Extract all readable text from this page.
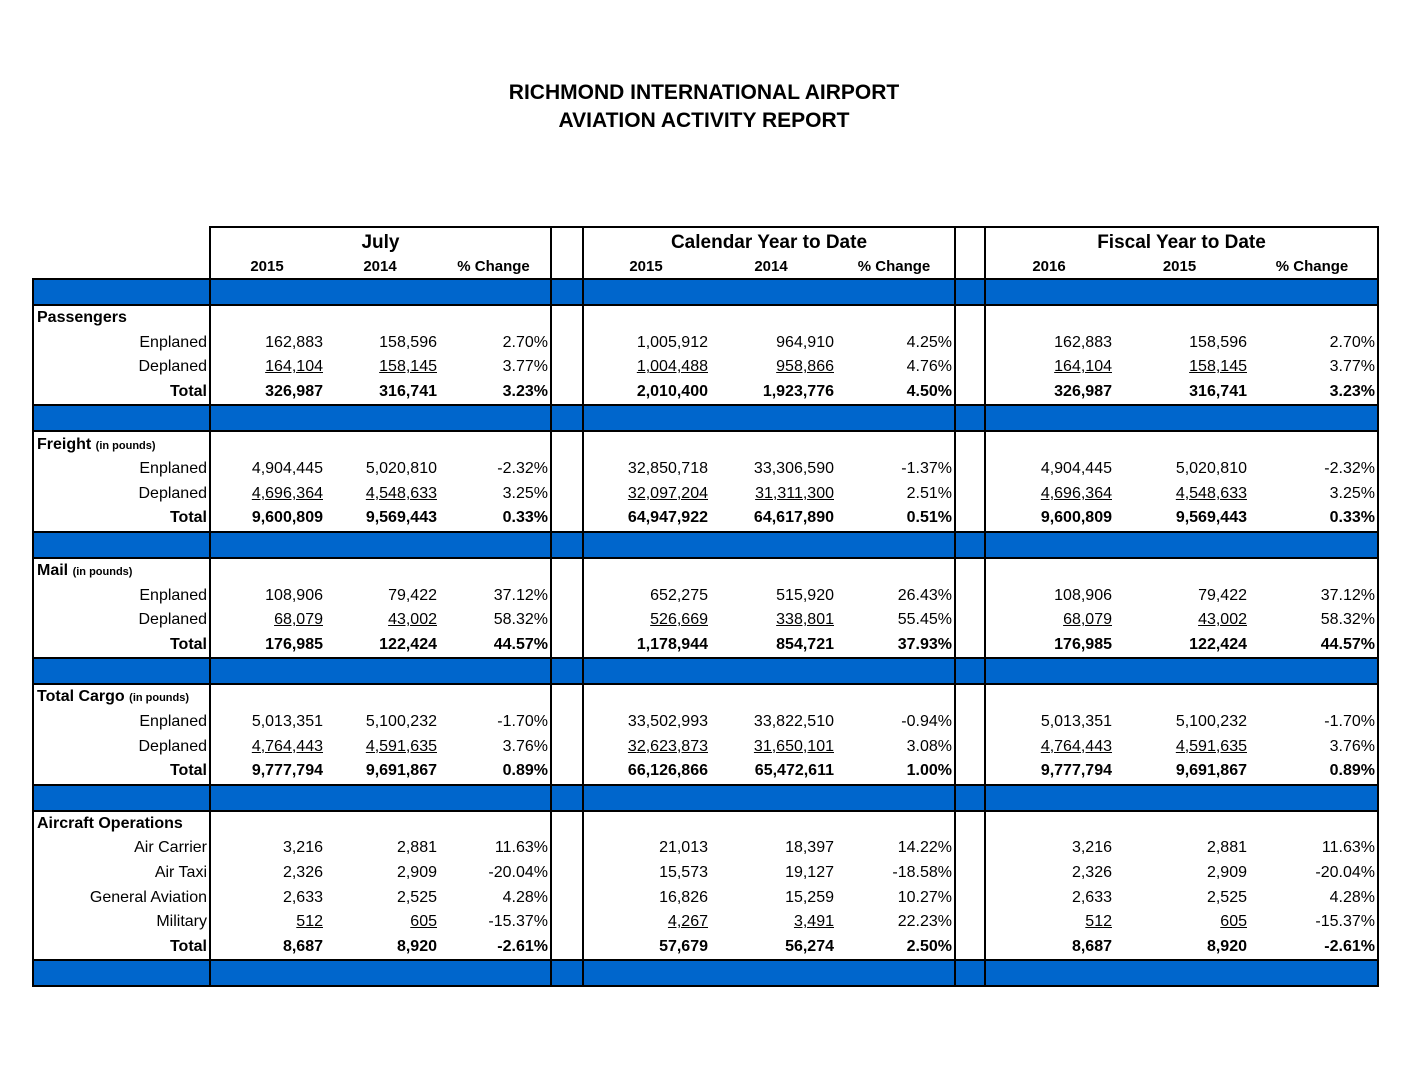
RICHMOND INTERNATIONAL AIRPORT
AVIATION ACTIVITY REPORT
	July				Calendar Year to Date				Fiscal Year to Date		
	2015	2014	% Change		2015	2014	% Change		2016	2015	% Change

Passengers											
Enplaned	162,883	158,596	2.70%		1,005,912	964,910	4.25%		162,883	158,596	2.70%
Deplaned	164,104	158,145	3.77%		1,004,488	958,866	4.76%		164,104	158,145	3.77%
Total	326,987	316,741	3.23%		2,010,400	1,923,776	4.50%		326,987	316,741	3.23%

Freight (in pounds)											
Enplaned	4,904,445	5,020,810	-2.32%		32,850,718	33,306,590	-1.37%		4,904,445	5,020,810	-2.32%
Deplaned	4,696,364	4,548,633	3.25%		32,097,204	31,311,300	2.51%		4,696,364	4,548,633	3.25%
Total	9,600,809	9,569,443	0.33%		64,947,922	64,617,890	0.51%		9,600,809	9,569,443	0.33%

Mail (in pounds)											
Enplaned	108,906	79,422	37.12%		652,275	515,920	26.43%		108,906	79,422	37.12%
Deplaned	68,079	43,002	58.32%		526,669	338,801	55.45%		68,079	43,002	58.32%
Total	176,985	122,424	44.57%		1,178,944	854,721	37.93%		176,985	122,424	44.57%

Total Cargo (in pounds)											
Enplaned	5,013,351	5,100,232	-1.70%		33,502,993	33,822,510	-0.94%		5,013,351	5,100,232	-1.70%
Deplaned	4,764,443	4,591,635	3.76%		32,623,873	31,650,101	3.08%		4,764,443	4,591,635	3.76%
Total	9,777,794	9,691,867	0.89%		66,126,866	65,472,611	1.00%		9,777,794	9,691,867	0.89%

Aircraft Operations											
Air Carrier	3,216	2,881	11.63%		21,013	18,397	14.22%		3,216	2,881	11.63%
Air Taxi	2,326	2,909	-20.04%		15,573	19,127	-18.58%		2,326	2,909	-20.04%
General Aviation	2,633	2,525	4.28%		16,826	15,259	10.27%		2,633	2,525	4.28%
Military	512	605	-15.37%		4,267	3,491	22.23%		512	605	-15.37%
Total	8,687	8,920	-2.61%		57,679	56,274	2.50%		8,687	8,920	-2.61%
